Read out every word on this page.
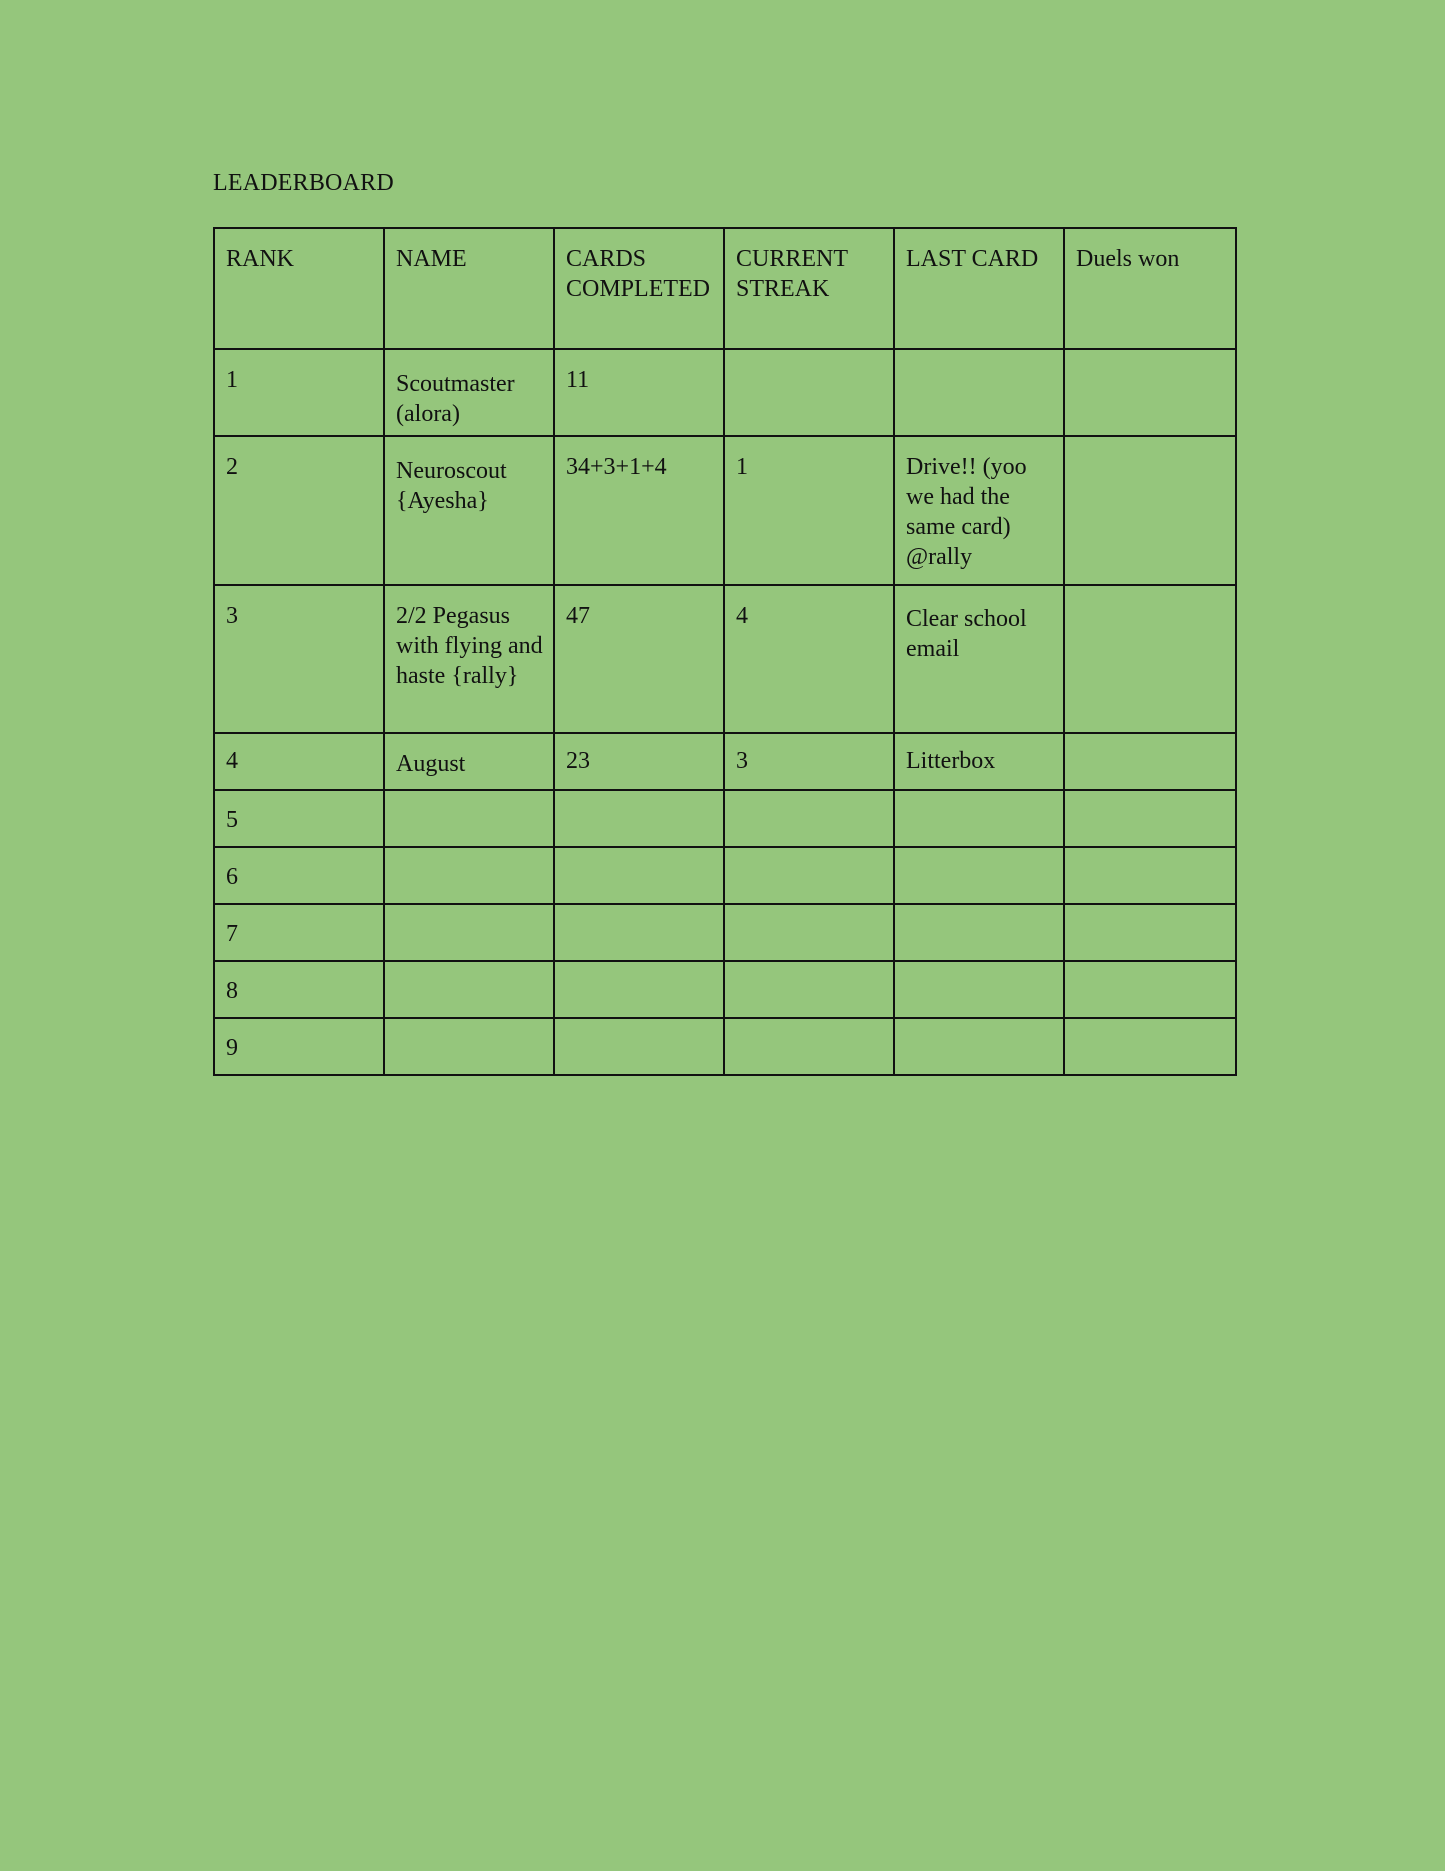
LEADERBOARD
RANK	NAME	CARDS COMPLETED	CURRENT STREAK	LAST CARD	Duels won
1	Scoutmaster (alora)	11			
2	Neuroscout {Ayesha}	34+3+1+4	1	Drive!! (yoo we had the same card) @rally	
3	2/2 Pegasus with flying and haste {rally}	47	4	Clear school email	
4	August	23	3	Litterbox	
5					
6					
7					
8					
9					
